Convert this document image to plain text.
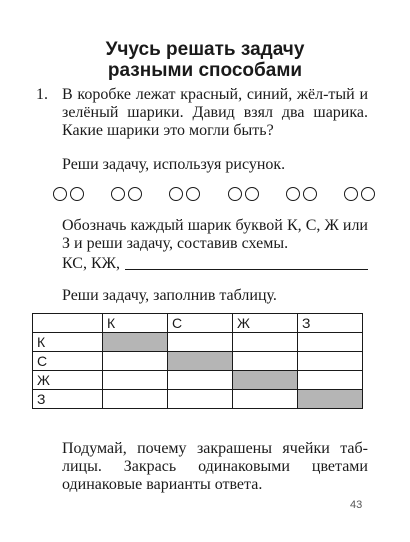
Учусь решать задачу
разными способами
1. В коробке лежат красный, синий, жёл-тый и зелёный шарики. Давид взял два шарика. Какие шарики это могли быть?
Реши задачу, используя рисунок.
Обозначь каждый шарик буквой К, С, Ж или З и реши задачу, составив схемы.
КС, КЖ,
Реши задачу, заполнив таблицу.
	К	С	Ж	З
К				
С				
Ж				
З				
Подумай, почему закрашены ячейки таб-лицы. Закрась одинаковыми цветами одинаковые варианты ответа.
43
